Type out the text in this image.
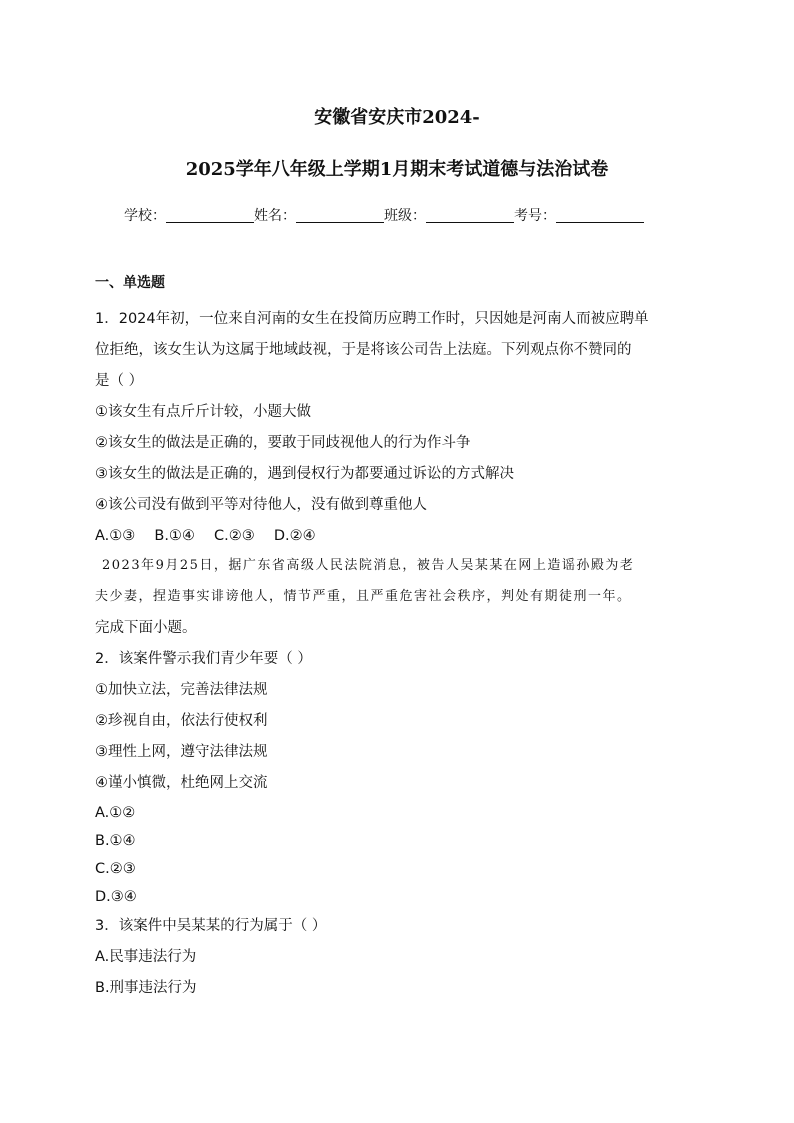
安徽省安庆市2024-
2025学年八年级上学期1月期末考试道德与法治试卷
学校：	姓名：	班级：	考号：
一、单选题
1．2024年初，一位来自河南的女生在投简历应聘工作时，只因她是河南人而被应聘单
位拒绝，该女生认为这属于地域歧视，于是将该公司告上法庭。下列观点你不赞同的
是（ ）
①该女生有点斤斤计较，小题大做
②该女生的做法是正确的，要敢于同歧视他人的行为作斗争
③该女生的做法是正确的，遇到侵权行为都要通过诉讼的方式解决
④该公司没有做到平等对待他人，没有做到尊重他人
A.①③　 B.①④　 C.②③　 D.②④
2023年9月25日，据广东省高级人民法院消息，被告人吴某某在网上造谣孙殿为老
夫少妻，捏造事实诽谤他人，情节严重，且严重危害社会秩序，判处有期徒刑一年。
完成下面小题。
2．该案件警示我们青少年要（ ）
①加快立法，完善法律法规
②珍视自由，依法行使权利
③理性上网，遵守法律法规
④谨小慎微，杜绝网上交流
A.①②
B.①④
C.②③
D.③④
3．该案件中吴某某的行为属于（ ）
A.民事违法行为
B.刑事违法行为
